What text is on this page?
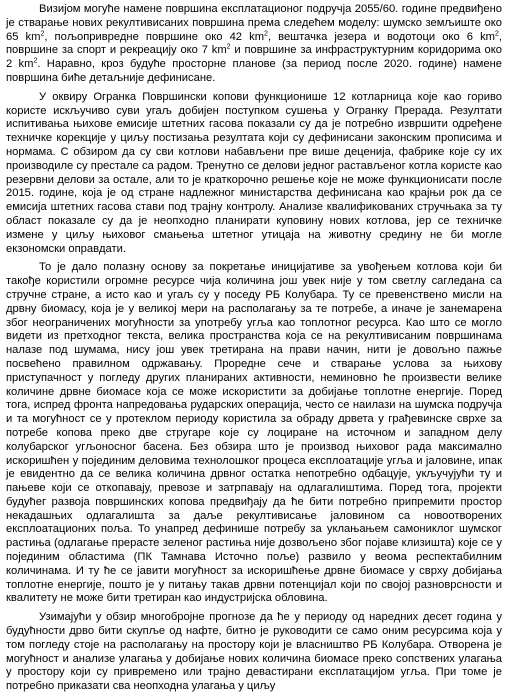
Визијом могуће намене површина експлатационог подручја 2055/60. године предвиђено је стварање нових рекултивисаних површина према следећем моделу: шумско земљиште око 65 $km^2$, пољопривредне површине око 42 $km^2$, вештачка језера и водотоци око 6 $km^2$, површине за спорт и рекреацију око 7 $km^2$ и површине за инфраструктурним коридорима око 2 $km^2$. Наравно, кроз будуће просторне планове (за период после 2020. године) намене површина биће детаљније дефинисане.

У оквиру Огранка Површински копови функционише 12 котларница које као гориво користе искључиво суви угаљ добијен поступком сушења у Огранку Прерада. Резултати испитивања њихове емисије штетних гасова показали су да је потребно извршити одређене техничке корекције у циљу постизања резултата који су дефинисани законским прописима и нормама. С обзиром да су сви котлови набављени пре више деценија, фабрике које су их производиле су престале са радом. Тренутно се делови једног растављеног котла користе као резервни делови за остале, али то је краткорочно решење које не може функционисати после 2015. године, која је од стране надлежног министарства дефинисана као крајњи рок да се емисија штетних гасова стави под трајну контролу. Анализе квалификованих стручњака за ту област показале су да је неопходно планирати куповину нових котлова, јер се техничке измене у циљу њиховог смањења штетног утицаја на животну средину не би могле екзономски оправдати.

То је дало полазну основу за покретање иницијативе за увођењем котлова који би такође користили огромне ресурсе чија количина још увек није у том светлу сагледана са стручне стране, а исто као и угаљ су у поседу РБ Колубара. Ту се превенствено мисли на дрвну биомасу, која је у великој мери на располагању за те потребе, а иначе је занемарена због неограничених могућности за употребу угља као топлотног ресурса. Као што се могло видети из претходног текста, велика пространства која се на рекултивисаним површинама налазе под шумама, нису још увек третирана на прави начин, нити је довољно пажње посвећено правилном одржавању. Проредне сече и стварање услова за њихову приступачност у погледу других планираних активности, неминовно ће произвести велике количине дрвне биомасе која се може искористити за добијање топлотне енергије. Поред тога, испред фронта напредовања рударских операција, често се наилази на шумска подручја и та могућност се у протеклом периоду користила за обраду дрвета у грађевинске сврхе за потребе копова преко две стругаре које су лоциране на источном и западном делу колубарског угљоносног басена. Без обзира што је производ њиховог рада максимално искоришћен у појединим деловима технолошког процеса експлоатације угља и јаловине, ипак је евидентно да се велика количина дрвног остатка непотребно одбацује, укључујући ту и пањеве који се откопавају, превозе и затрпавају на одлагалиштима. Поред тога, пројекти будућег развоја површинских копова предвиђају да ће бити потребно припремити простор некадашњих одлагалишта за даље рекултивисање јаловином са новоотворених експлоатационих поља. То унапред дефинише потребу за уклањањем самониклог шумског растиња (одлагање прерасте зеленог растиња није дозвољено због појаве клизишта) које се у појединим областима (ПК Тамнава Источно поље) развило у веома респектабилним количинама. И ту ће се јавити могућност за искоришћење дрвне биомасе у сврху добијања топлотне енергије, пошто је у питању такав дрвни потенцијал који по својој разноврсности и квалитету не може бити третиран као индустријска обловина.

Узимајући у обзир многобројне прогнозе да ће у периоду од наредних десет година у будућности дрво бити скупље од нафте, битно је руководити се само оним ресурсима која у том погледу стоје на располагању на простору који је власништво РБ Колубара. Отворена је могућност и анализе улагања у добијање нових количина биомасе преко сопствених улагања у простору који су привремено или трајно девастирани експлатацијом угља. При томе је потребно приказати сва неопходна улагања у циљу
